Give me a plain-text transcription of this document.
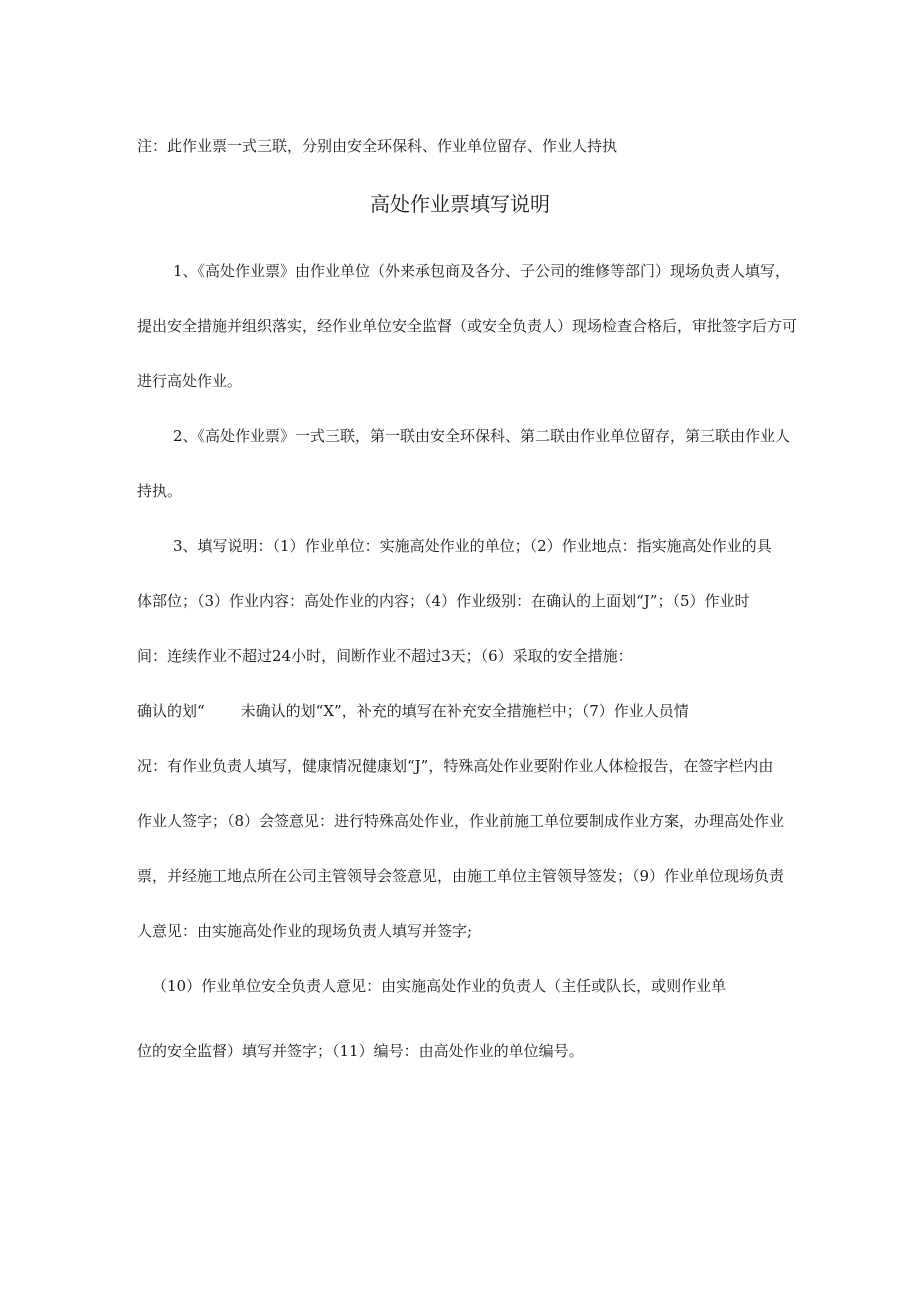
注：此作业票一式三联，分别由安全环保科、作业单位留存、作业人持执
高处作业票填写说明
1、《高处作业票》由作业单位（外来承包商及各分、子公司的维修等部门）现场负责人填写，
提出安全措施并组织落实，经作业单位安全监督（或安全负责人）现场检查合格后，审批签字后方可
进行高处作业。
2、《高处作业票》一式三联，第一联由安全环保科、第二联由作业单位留存，第三联由作业人
持执。
3、填写说明：（1）作业单位：实施高处作业的单位；（2）作业地点：指实施高处作业的具
体部位；（3）作业内容：高处作业的内容；（4）作业级别：在确认的上面划“J”；（5）作业时
间：连续作业不超过24小时，间断作业不超过3天；（6）采取的安全措施：
确认的划“ 未确认的划“X”，补充的填写在补充安全措施栏中；（7）作业人员情
况：有作业负责人填写，健康情况健康划“J”，特殊高处作业要附作业人体检报告，在签字栏内由
作业人签字；（8）会签意见：进行特殊高处作业，作业前施工单位要制成作业方案，办理高处作业
票，并经施工地点所在公司主管领导会签意见，由施工单位主管领导签发；（9）作业单位现场负责
人意见：由实施高处作业的现场负责人填写并签字;
（10）作业单位安全负责人意见：由实施高处作业的负责人（主任或队长，或则作业单
位的安全监督）填写并签字；（11）编号：由高处作业的单位编号。
